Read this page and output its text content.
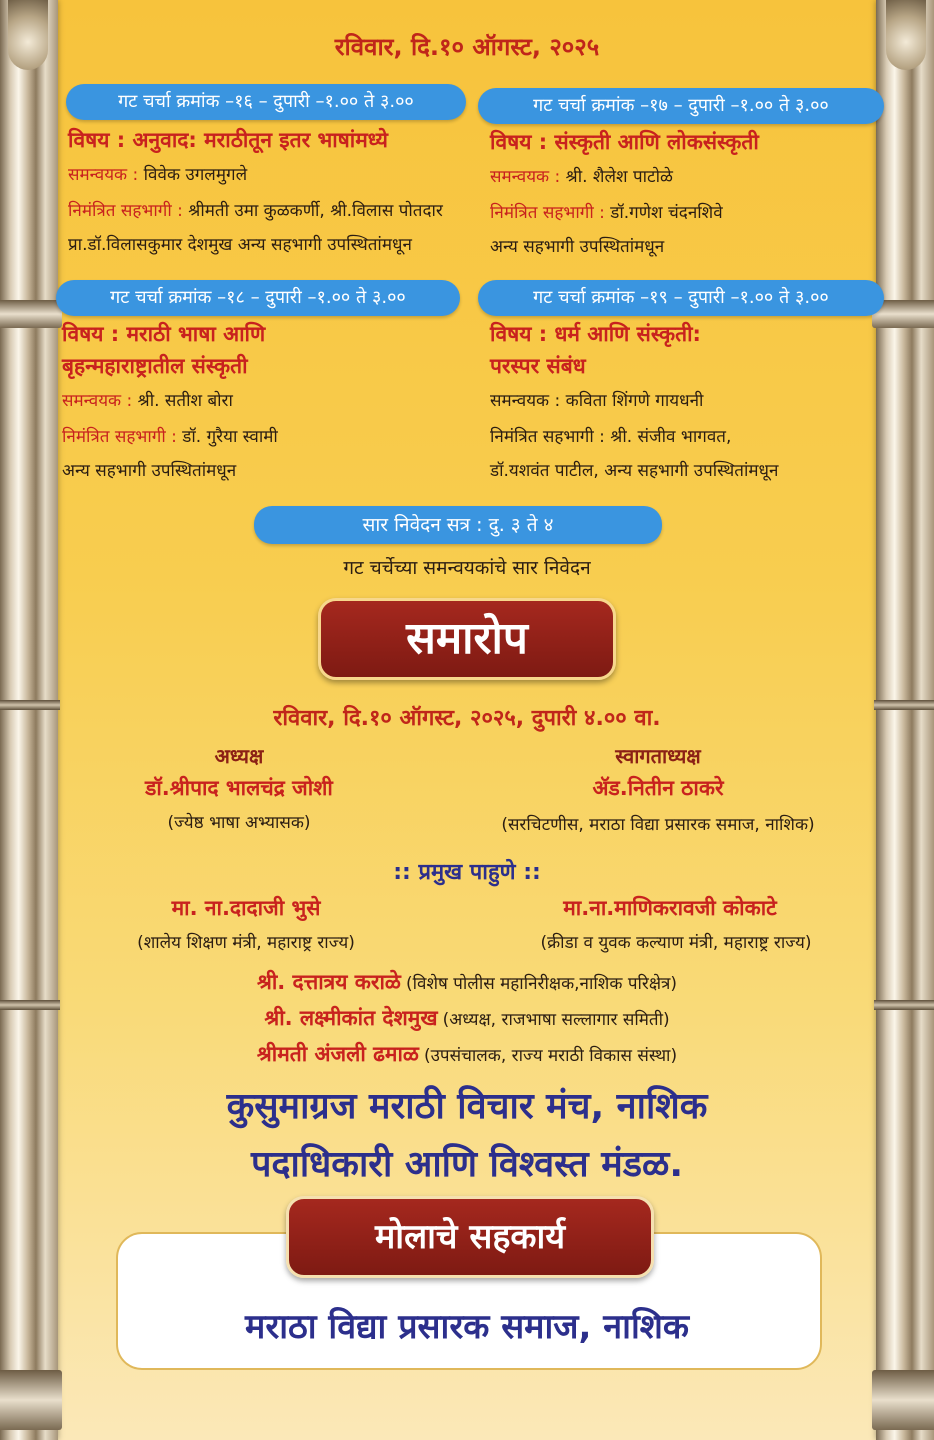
रविवार, दि.१० ऑगस्ट, २०२५
गट चर्चा क्रमांक –१६ – दुपारी –१.०० ते ३.००
विषय : अनुवाद: मराठीतून इतर भाषांमध्ये
समन्वयक : विवेक उगलमुगले
निमंत्रित सहभागी : श्रीमती उमा कुळकर्णी, श्री.विलास पोतदार
प्रा.डॉ.विलासकुमार देशमुख अन्य सहभागी उपस्थितांमधून
गट चर्चा क्रमांक –१७ – दुपारी –१.०० ते ३.००
विषय : संस्कृती आणि लोकसंस्कृती
समन्वयक : श्री. शैलेश पाटोळे
निमंत्रित सहभागी : डॉ.गणेश चंदनशिवे
अन्य सहभागी उपस्थितांमधून
गट चर्चा क्रमांक –१८ – दुपारी –१.०० ते ३.००
विषय : मराठी भाषा आणि
बृहन्महाराष्ट्रातील संस्कृती
समन्वयक : श्री. सतीश बोरा
निमंत्रित सहभागी : डॉ. गुरैया स्वामी
अन्य सहभागी उपस्थितांमधून
गट चर्चा क्रमांक –१९ – दुपारी –१.०० ते ३.००
विषय : धर्म आणि संस्कृती:
परस्पर संबंध
समन्वयक : कविता शिंगणे गायधनी
निमंत्रित सहभागी : श्री. संजीव भागवत,
डॉ.यशवंत पाटील, अन्य सहभागी उपस्थितांमधून
सार निवेदन सत्र : दु. ३ ते ४
गट चर्चेच्या समन्वयकांचे सार निवेदन
समारोप
रविवार, दि.१० ऑगस्ट, २०२५, दुपारी ४.०० वा.
अध्यक्ष
डॉ.श्रीपाद भालचंद्र जोशी
(ज्येष्ठ भाषा अभ्यासक)
स्वागताध्यक्ष
ॲड.नितीन ठाकरे
(सरचिटणीस, मराठा विद्या प्रसारक समाज, नाशिक)
:: प्रमुख पाहुणे ::
मा. ना.दादाजी भुसे
(शालेय शिक्षण मंत्री, महाराष्ट्र राज्य)
मा.ना.माणिकरावजी कोकाटे
(क्रीडा व युवक कल्याण मंत्री, महाराष्ट्र राज्य)
श्री. दत्तात्रय कराळे (विशेष पोलीस महानिरीक्षक,नाशिक परिक्षेत्र)
श्री. लक्ष्मीकांत देशमुख (अध्यक्ष, राजभाषा सल्लागार समिती)
श्रीमती अंजली ढमाळ (उपसंचालक, राज्य मराठी विकास संस्था)
कुसुमाग्रज मराठी विचार मंच, नाशिक
पदाधिकारी आणि विश्वस्त मंडळ.
मोलाचे सहकार्य
मराठा विद्या प्रसारक समाज, नाशिक
